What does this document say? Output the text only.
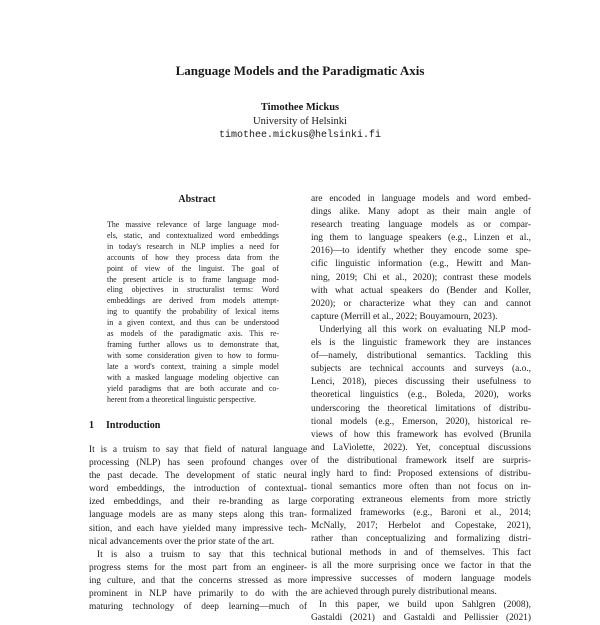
Language Models and the Paradigmatic Axis
Timothee Mickus
University of Helsinki
timothee.mickus@helsinki.fi
Abstract
The massive relevance of large language mod-
els, static, and contextualized word embeddings
in today's research in NLP implies a need for
accounts of how they process data from the
point of view of the linguist. The goal of
the present article is to frame language mod-
eling objectives in structuralist terms: Word
embeddings are derived from models attempt-
ing to quantify the probability of lexical items
in a given context, and thus can be understood
as models of the paradigmatic axis. This re-
framing further allows us to demonstrate that,
with some consideration given to how to formu-
late a word's context, training a simple model
with a masked language modeling objective can
yield paradigms that are both accurate and co-
herent from a theoretical linguistic perspective.
1 Introduction
It is a truism to say that field of natural language
processing (NLP) has seen profound changes over
the past decade. The development of static neural
word embeddings, the introduction of contextual-
ized embeddings, and their re-branding as large
language models are as many steps along this tran-
sition, and each have yielded many impressive tech-
nical advancements over the prior state of the art.
It is also a truism to say that this technical
progress stems for the most part from an engineer-
ing culture, and that the concerns stressed as more
prominent in NLP have primarily to do with the
maturing technology of deep learning—much of
are encoded in language models and word embed-
dings alike. Many adopt as their main angle of
research treating language models as or compar-
ing them to language speakers (e.g., Linzen et al.,
2016)—to identify whether they encode some spe-
cific linguistic information (e.g., Hewitt and Man-
ning, 2019; Chi et al., 2020); contrast these models
with what actual speakers do (Bender and Koller,
2020); or characterize what they can and cannot
capture (Merrill et al., 2022; Bouyamourn, 2023).
Underlying all this work on evaluating NLP mod-
els is the linguistic framework they are instances
of—namely, distributional semantics. Tackling this
subjects are technical accounts and surveys (a.o.,
Lenci, 2018), pieces discussing their usefulness to
theoretical linguistics (e.g., Boleda, 2020), works
underscoring the theoretical limitations of distribu-
tional models (e.g., Emerson, 2020), historical re-
views of how this framework has evolved (Brunila
and LaViolette, 2022). Yet, conceptual discussions
of the distributional framework itself are surpris-
ingly hard to find: Proposed extensions of distribu-
tional semantics more often than not focus on in-
corporating extraneous elements from more strictly
formalized frameworks (e.g., Baroni et al., 2014;
McNally, 2017; Herbelot and Copestake, 2021),
rather than conceptualizing and formalizing distri-
butional methods in and of themselves. This fact
is all the more surprising once we factor in that the
impressive successes of modern language models
are achieved through purely distributional means.
In this paper, we build upon Sahlgren (2008),
Gastaldi (2021) and Gastaldi and Pellissier (2021)
